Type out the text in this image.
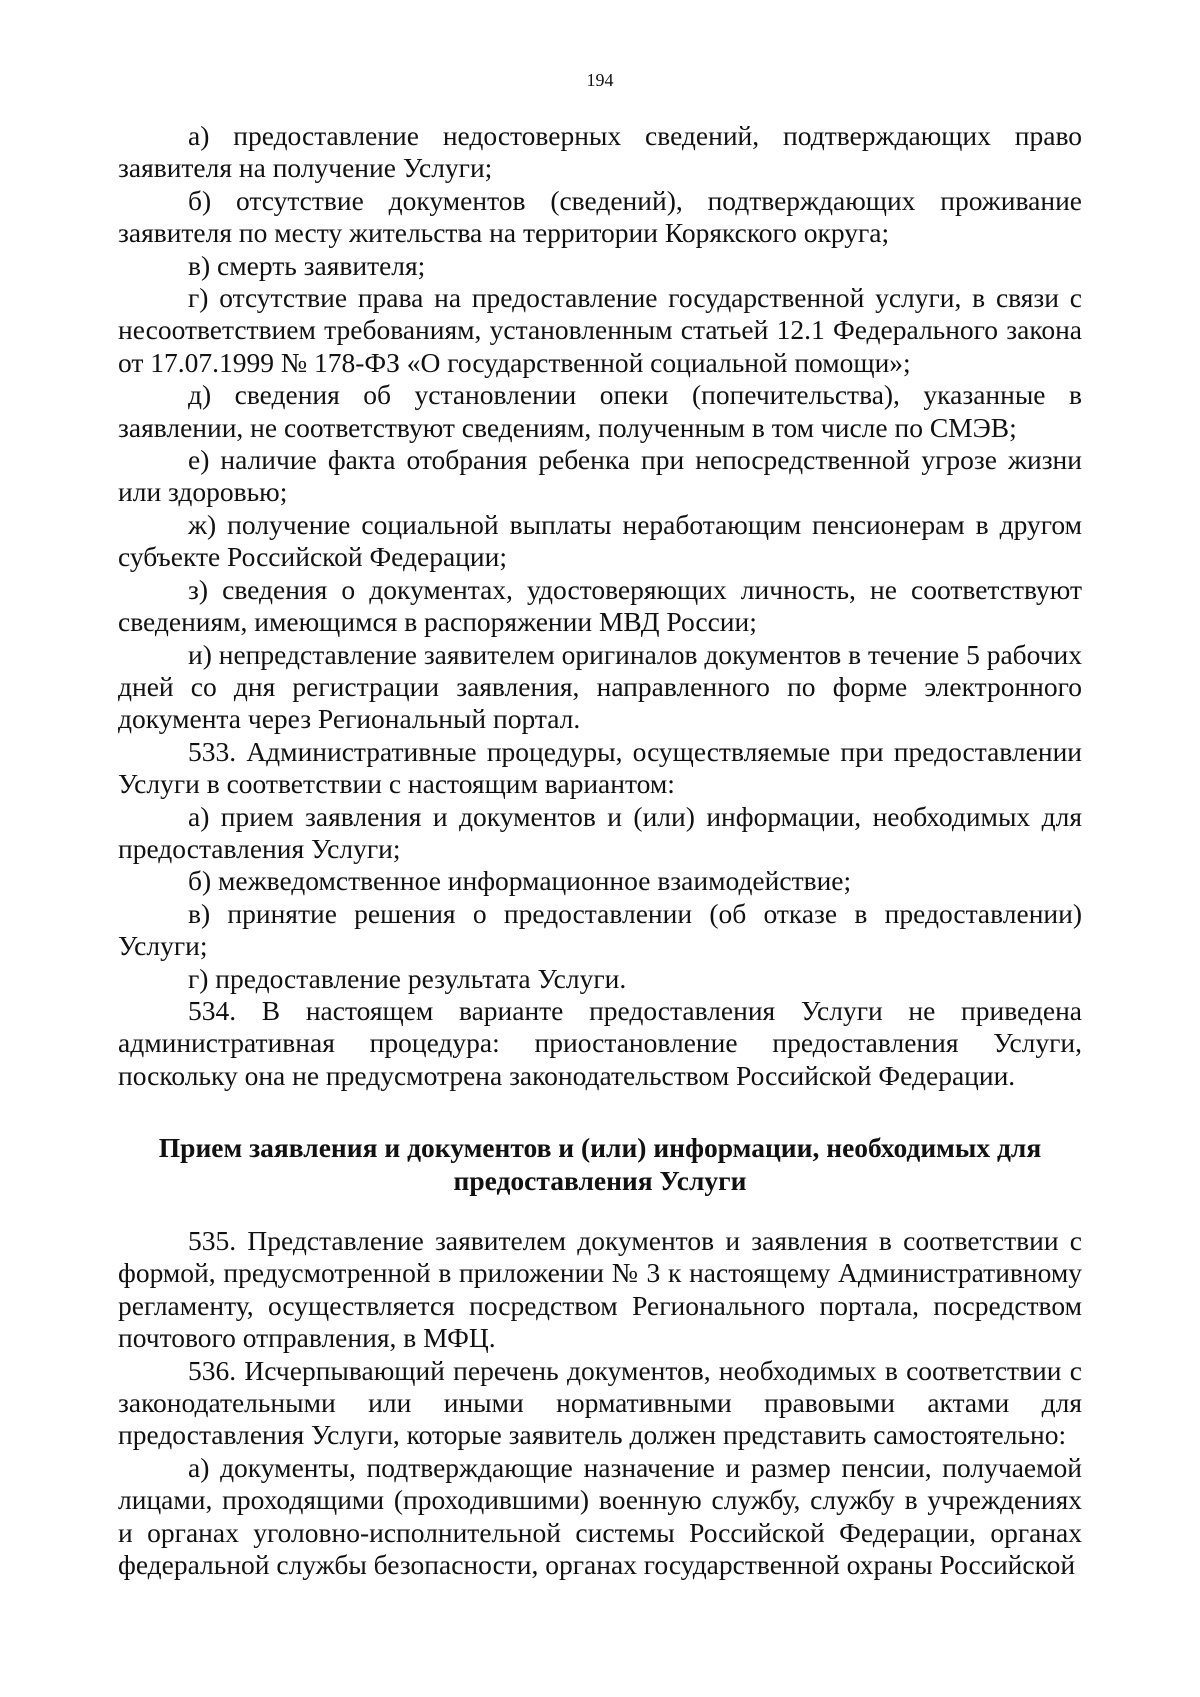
194

а) предоставление недостоверных сведений, подтверждающих право заявителя на получение Услуги;

б) отсутствие документов (сведений), подтверждающих проживание заявителя по месту жительства на территории Корякского округа;

в) смерть заявителя;

г) отсутствие права на предоставление государственной услуги, в связи с несоответствием требованиям, установленным статьей 12.1 Федерального закона от 17.07.1999 № 178-ФЗ «О государственной социальной помощи»;

д) сведения об установлении опеки (попечительства), указанные в заявлении, не соответствуют сведениям, полученным в том числе по СМЭВ;

е) наличие факта отобрания ребенка при непосредственной угрозе жизни или здоровью;

ж) получение социальной выплаты неработающим пенсионерам в другом субъекте Российской Федерации;

з) сведения о документах, удостоверяющих личность, не соответствуют сведениям, имеющимся в распоряжении МВД России;

и) непредставление заявителем оригиналов документов в течение 5 рабочих дней со дня регистрации заявления, направленного по форме электронного документа через Региональный портал.

533. Административные процедуры, осуществляемые при предоставлении Услуги в соответствии с настоящим вариантом:

а) прием заявления и документов и (или) информации, необходимых для предоставления Услуги;

б) межведомственное информационное взаимодействие;

в) принятие решения о предоставлении (об отказе в предоставлении) Услуги;

г) предоставление результата Услуги.

534. В настоящем варианте предоставления Услуги не приведена административная процедура: приостановление предоставления Услуги, поскольку она не предусмотрена законодательством Российской Федерации.

Прием заявления и документов и (или) информации, необходимых для предоставления Услуги

535. Представление заявителем документов и заявления в соответствии с формой, предусмотренной в приложении № 3 к настоящему Административному регламенту, осуществляется посредством Регионального портала, посредством почтового отправления, в МФЦ.

536. Исчерпывающий перечень документов, необходимых в соответствии с законодательными или иными нормативными правовыми актами для предоставления Услуги, которые заявитель должен представить самостоятельно:

а) документы, подтверждающие назначение и размер пенсии, получаемой лицами, проходящими (проходившими) военную службу, службу в учреждениях и органах уголовно-исполнительной системы Российской Федерации, органах федеральной службы безопасности, органах государственной охраны Российской
